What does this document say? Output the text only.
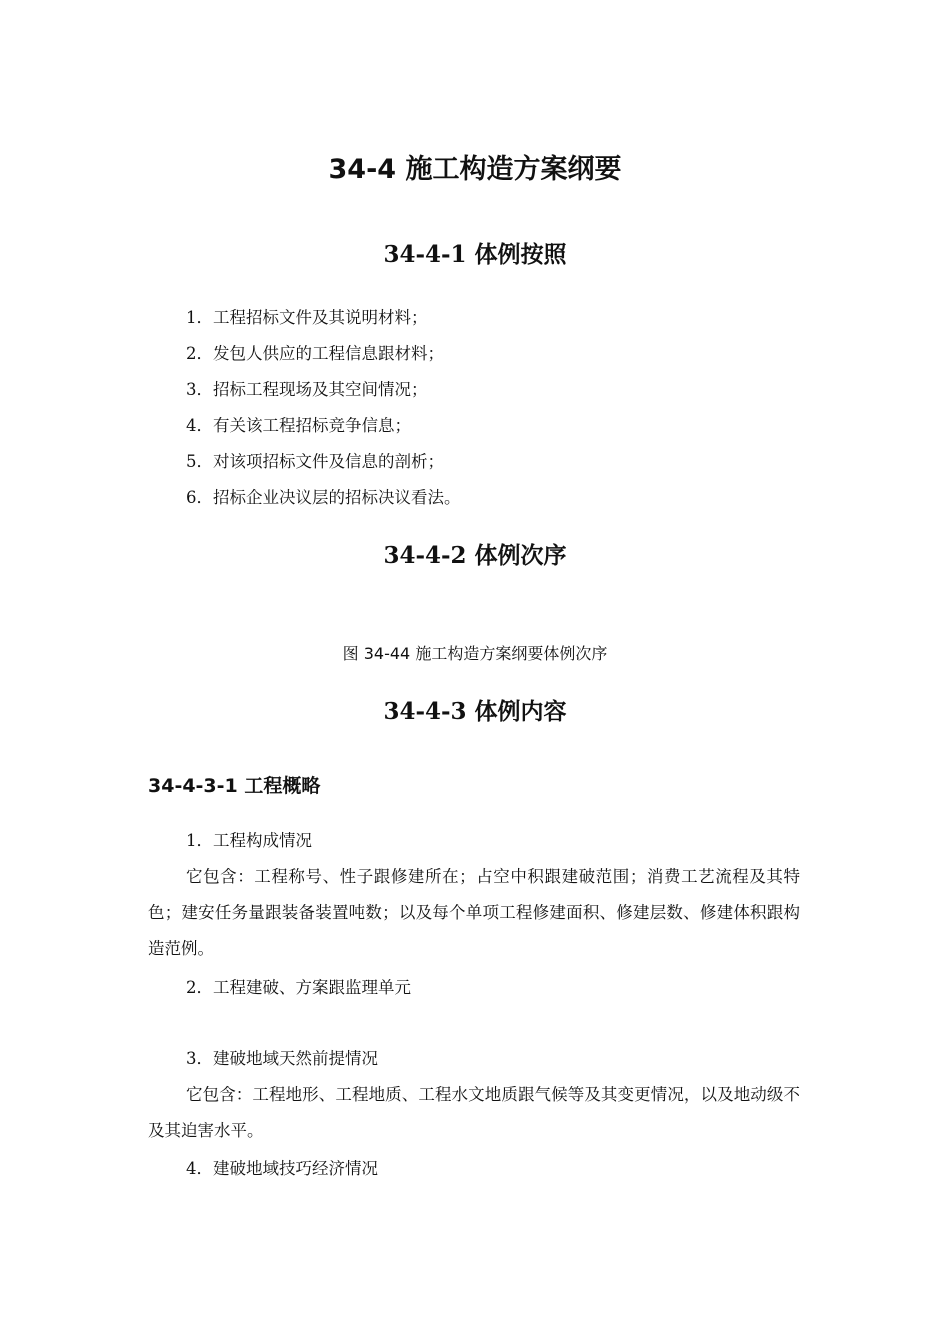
34-4 施工构造方案纲要
34-4-1 体例按照
1．工程招标文件及其说明材料；
2．发包人供应的工程信息跟材料；
3．招标工程现场及其空间情况；
4．有关该工程招标竞争信息；
5．对该项招标文件及信息的剖析；
6．招标企业决议层的招标决议看法。
34-4-2 体例次序
图 34-44 施工构造方案纲要体例次序
34-4-3 体例内容
34-4-3-1 工程概略
1．工程构成情况
它包含：工程称号、性子跟修建所在；占空中积跟建破范围；消费工艺流程及其特色；建安任务量跟装备装置吨数；以及每个单项工程修建面积、修建层数、修建体积跟构造范例。
2．工程建破、方案跟监理单元
3．建破地域天然前提情况
它包含：工程地形、工程地质、工程水文地质跟气候等及其变更情况，以及地动级不及其迫害水平。
4．建破地域技巧经济情况
